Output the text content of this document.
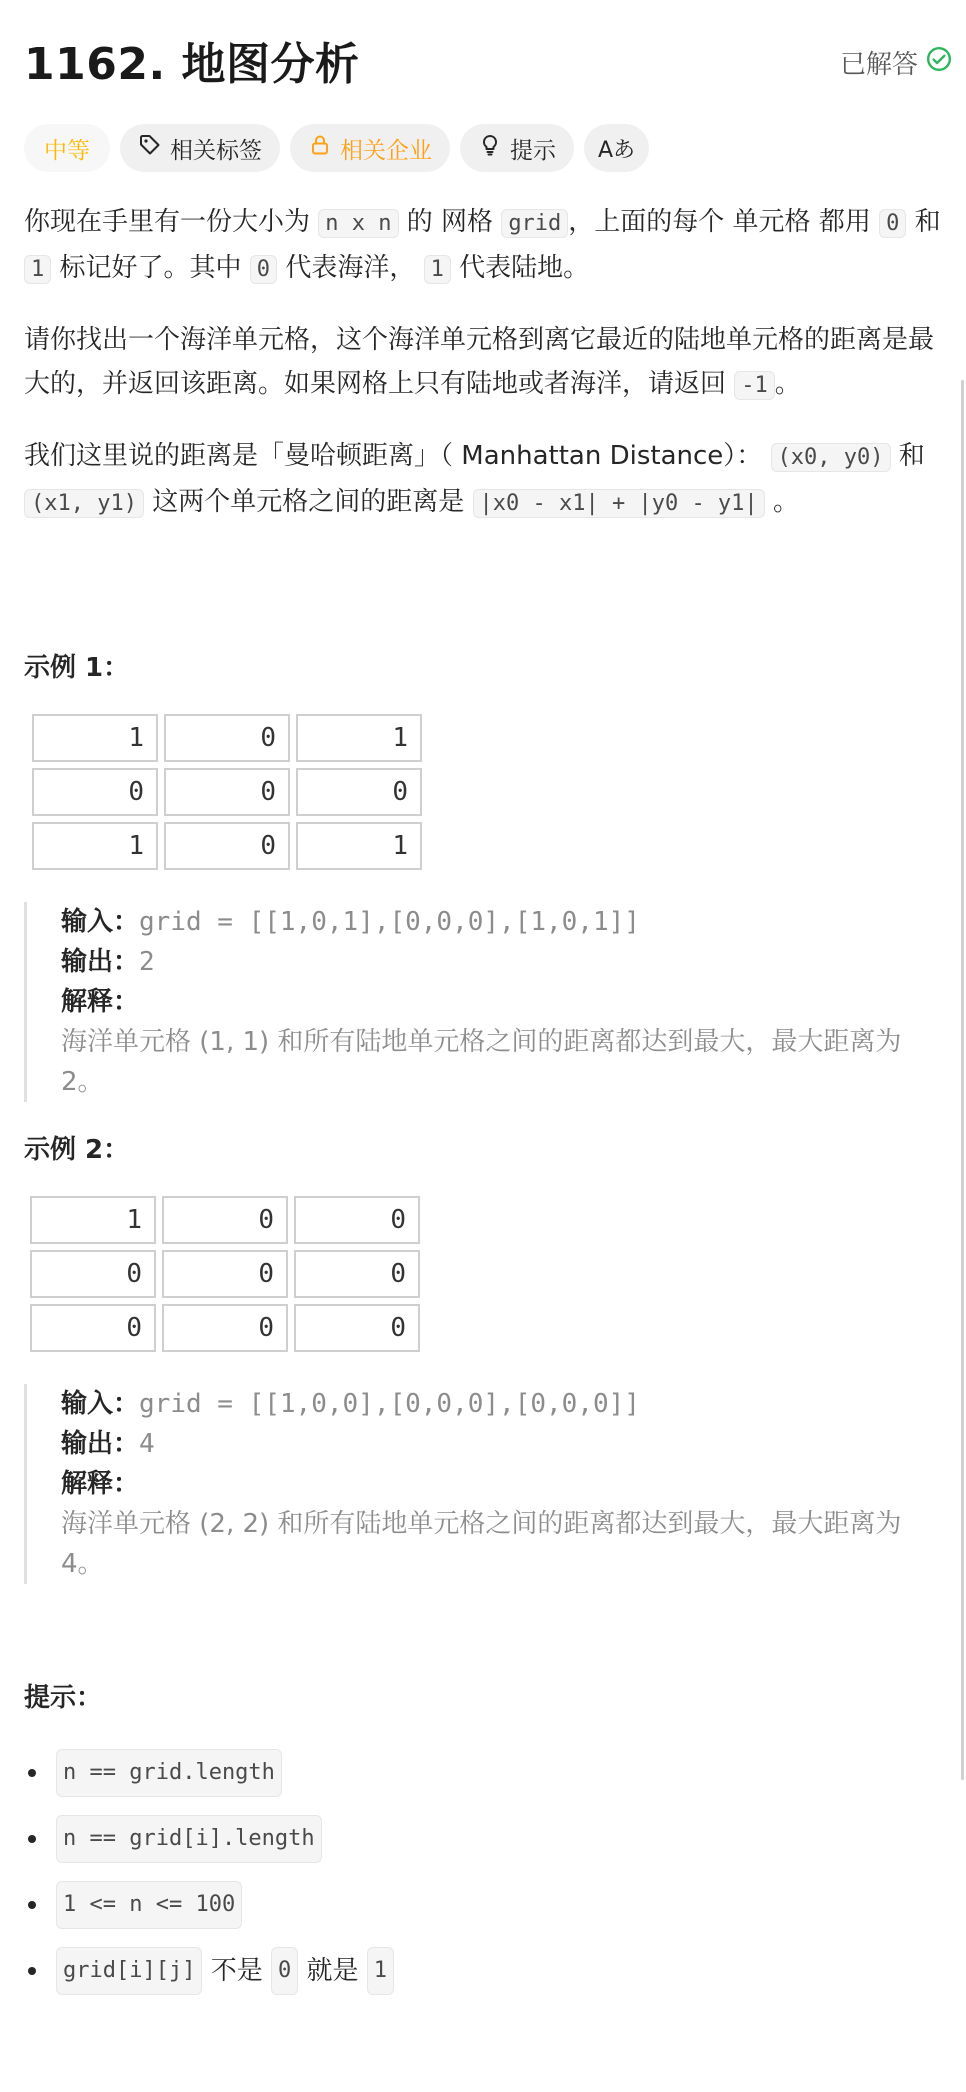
1162. 地图分析	已解答
中等	相关标签	相关企业	提示 Aあ

你现在手里有一份大小为 n x n 的 网格 grid ，上面的每个 单元格 都用 0 和 1 标记好了。其中 0 代表海洋， 1 代表陆地。

请你找出一个海洋单元格，这个海洋单元格到离它最近的陆地单元格的距离是最大的，并返回该距离。如果网格上只有陆地或者海洋，请返回 -1 。

我们这里说的距离是「曼哈顿距离」（ Manhattan Distance）： (x0, y0) 和 (x1, y1) 这两个单元格之间的距离是 |x0 - x1| + |y0 - y1| 。

示例 1：
1	0	1
0	0	0
1	0	1
输入：grid = [[1,0,1],[0,0,0],[1,0,1]]
输出：2
解释：
海洋单元格 (1, 1) 和所有陆地单元格之间的距离都达到最大，最大距离为 2。
示例 2：
1	0	0
0	0	0
0	0	0
输入：grid = [[1,0,0],[0,0,0],[0,0,0]]
输出：4
解释：
海洋单元格 (2, 2) 和所有陆地单元格之间的距离都达到最大，最大距离为 4。
提示：
n == grid.length
n == grid[i].length
1 <= n <= 100
grid[i][j]
不是
0
就是
1
